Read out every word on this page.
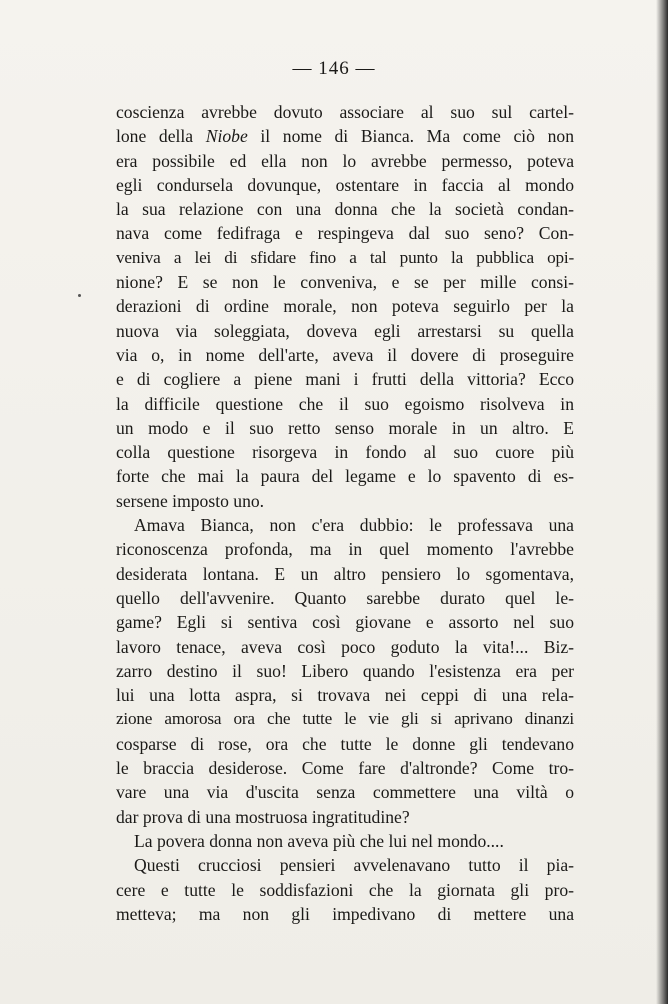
— 146 —
coscienza avrebbe dovuto associare al suo sul cartel-
lone della Niobe il nome di Bianca. Ma come ciò non
era possibile ed ella non lo avrebbe permesso, poteva
egli condursela dovunque, ostentare in faccia al mondo
la sua relazione con una donna che la società condan-
nava come fedifraga e respingeva dal suo seno? Con-
veniva a lei di sfidare fino a tal punto la pubblica opi-
nione? E se non le conveniva, e se per mille consi-
derazioni di ordine morale, non poteva seguirlo per la
nuova via soleggiata, doveva egli arrestarsi su quella
via o, in nome dell'arte, aveva il dovere di proseguire
e di cogliere a piene mani i frutti della vittoria? Ecco
la difficile questione che il suo egoismo risolveva in
un modo e il suo retto senso morale in un altro. E
colla questione risorgeva in fondo al suo cuore più
forte che mai la paura del legame e lo spavento di es-
sersene imposto uno.
Amava Bianca, non c'era dubbio: le professava una
riconoscenza profonda, ma in quel momento l'avrebbe
desiderata lontana. E un altro pensiero lo sgomentava,
quello dell'avvenire. Quanto sarebbe durato quel le-
game? Egli si sentiva così giovane e assorto nel suo
lavoro tenace, aveva così poco goduto la vita!... Biz-
zarro destino il suo! Libero quando l'esistenza era per
lui una lotta aspra, si trovava nei ceppi di una rela-
zione amorosa ora che tutte le vie gli si aprivano dinanzi
cosparse di rose, ora che tutte le donne gli tendevano
le braccia desiderose. Come fare d'altronde? Come tro-
vare una via d'uscita senza commettere una viltà o
dar prova di una mostruosa ingratitudine?
La povera donna non aveva più che lui nel mondo....
Questi crucciosi pensieri avvelenavano tutto il pia-
cere e tutte le soddisfazioni che la giornata gli pro-
metteva; ma non gli impedivano di mettere una
